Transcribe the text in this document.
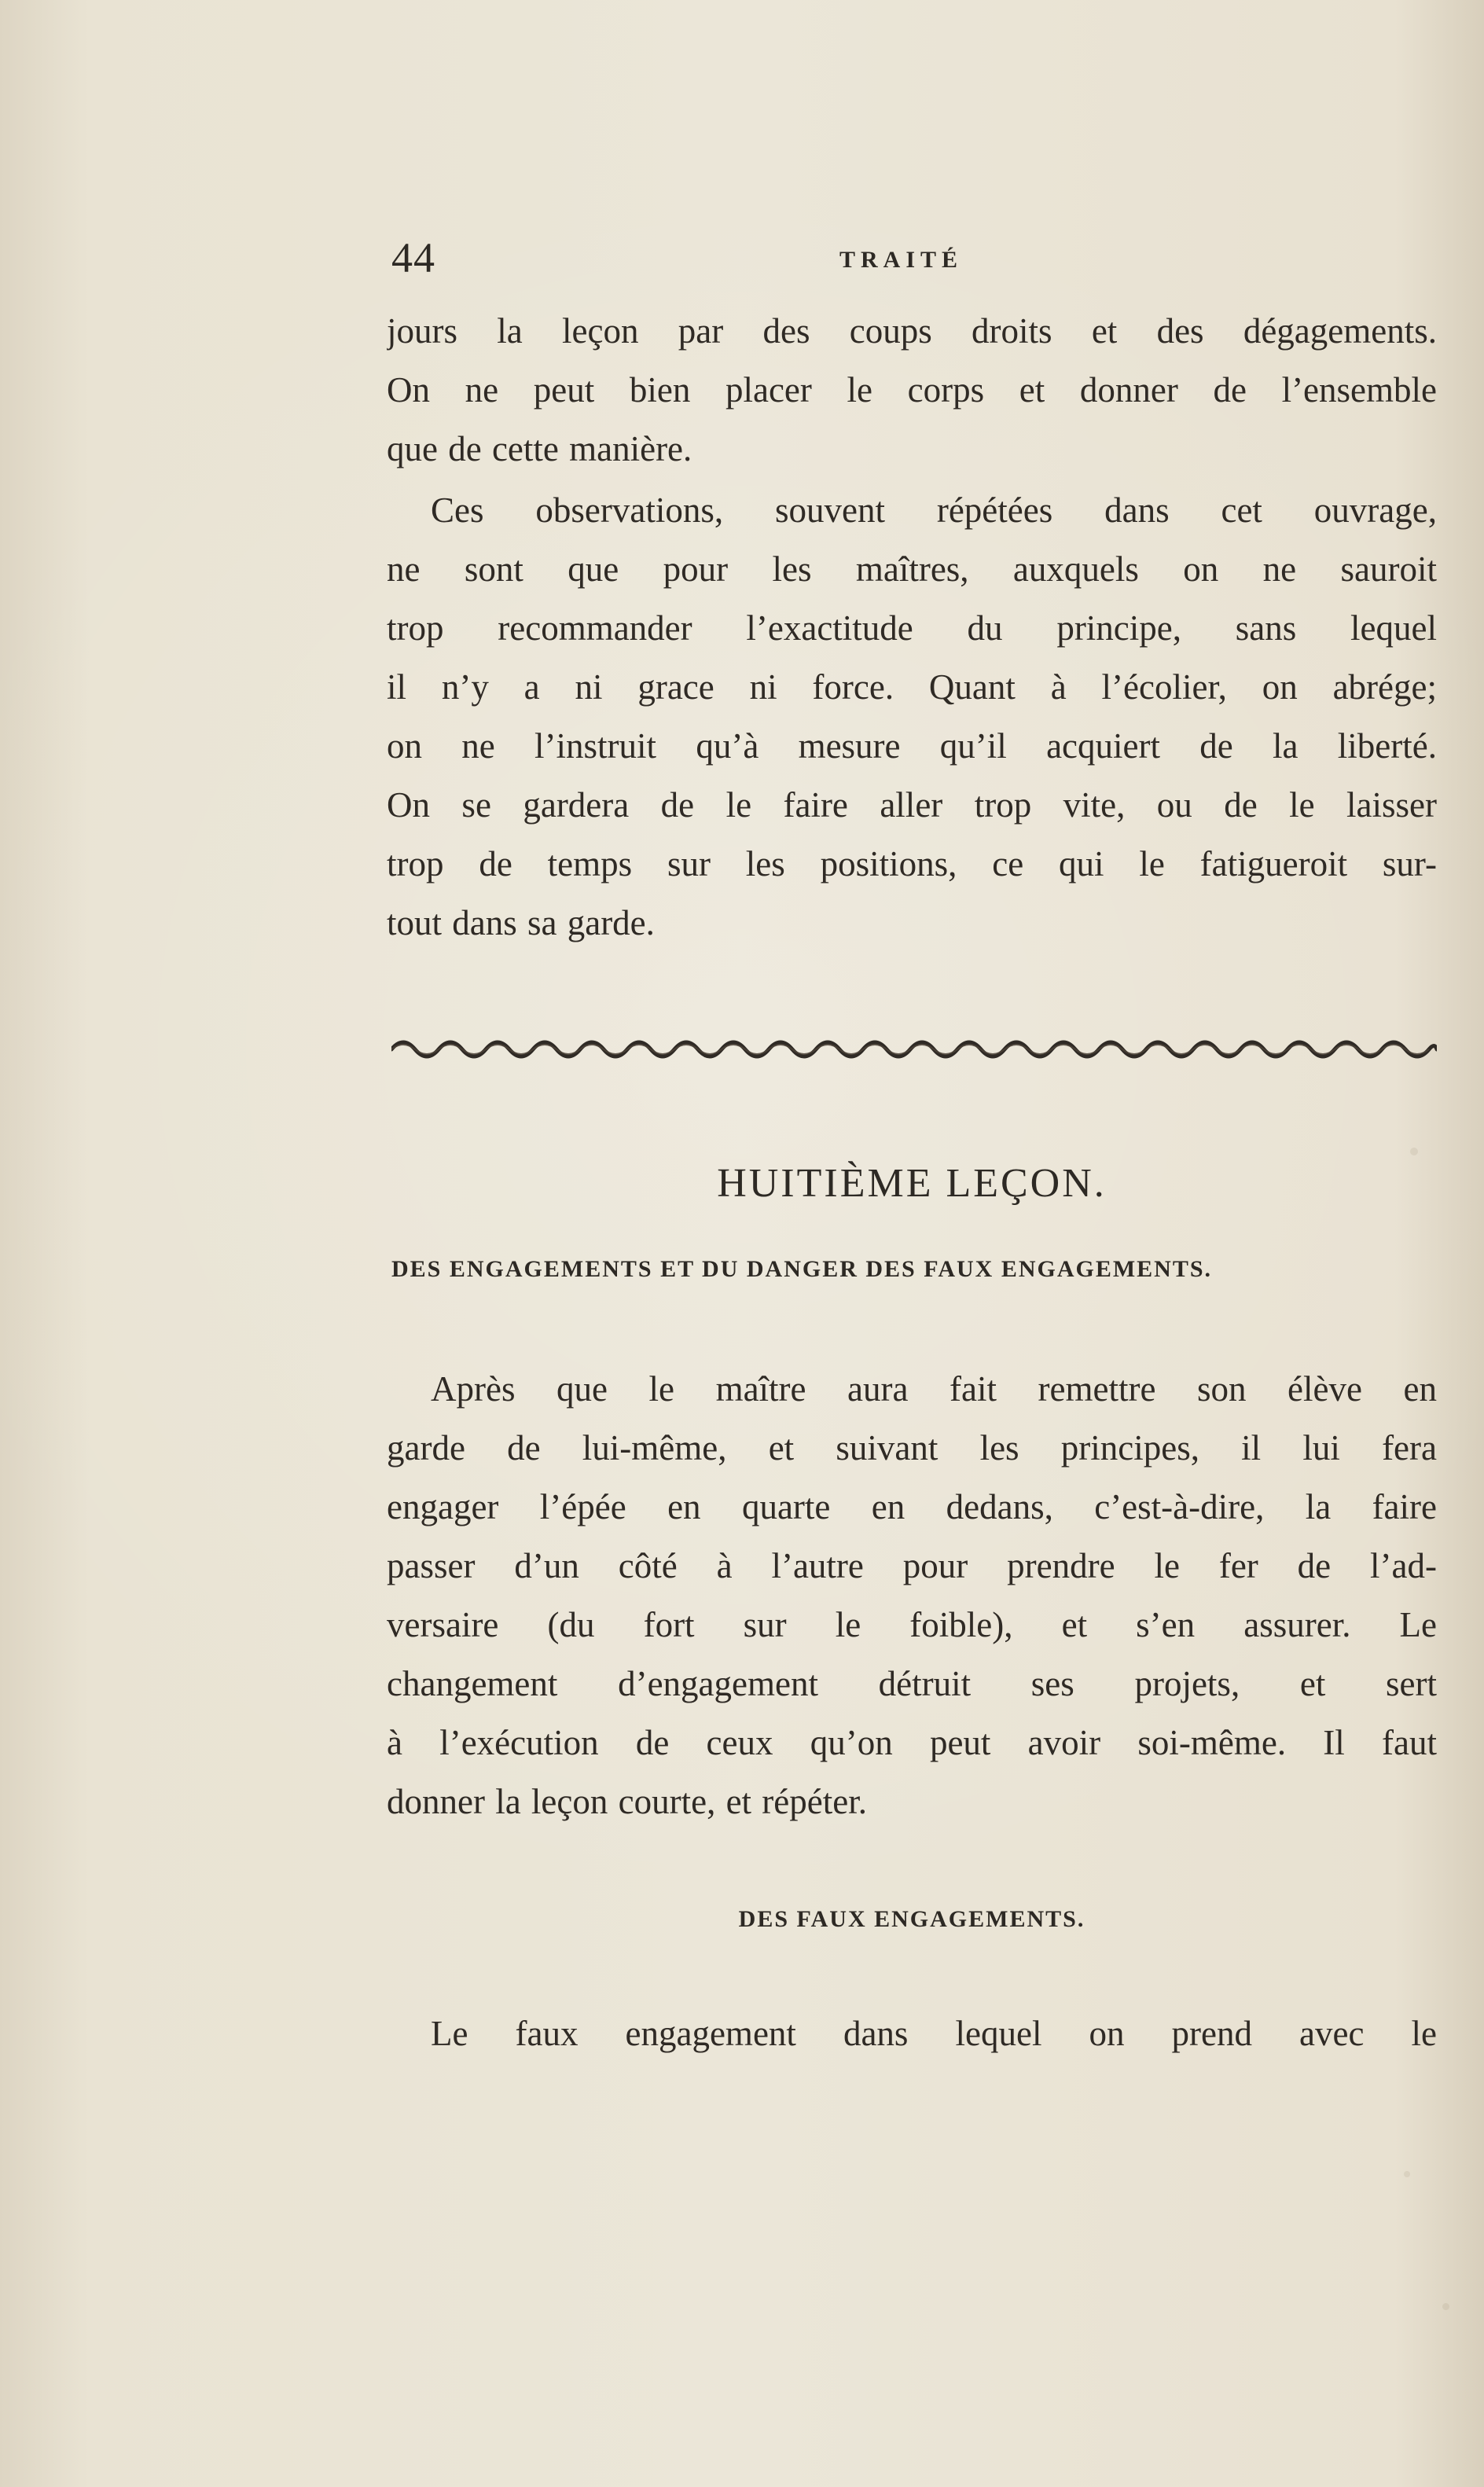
44	TRAITÉ

jours la leçon par des coups droits et des dégagements.
On ne peut bien placer le corps et donner de l’ensemble
que de cette manière.

Ces observations, souvent répétées dans cet ouvrage,
ne sont que pour les maîtres, auxquels on ne sauroit
trop recommander l’exactitude du principe, sans lequel
il n’y a ni grace ni force. Quant à l’écolier, on abrége;
on ne l’instruit qu’à mesure qu’il acquiert de la liberté.
On se gardera de le faire aller trop vite, ou de le laisser
trop de temps sur les positions, ce qui le fatigueroit sur-
tout dans sa garde.

HUITIÈME LEÇON.
DES ENGAGEMENTS ET DU DANGER DES FAUX ENGAGEMENTS.

Après que le maître aura fait remettre son élève en
garde de lui-même, et suivant les principes, il lui fera
engager l’épée en quarte en dedans, c’est-à-dire, la faire
passer d’un côté à l’autre pour prendre le fer de l’ad-
versaire (du fort sur le foible), et s’en assurer. Le
changement d’engagement détruit ses projets, et sert
à l’exécution de ceux qu’on peut avoir soi-même. Il faut
donner la leçon courte, et répéter.

DES FAUX ENGAGEMENTS.

Le faux engagement dans lequel on prend avec le
